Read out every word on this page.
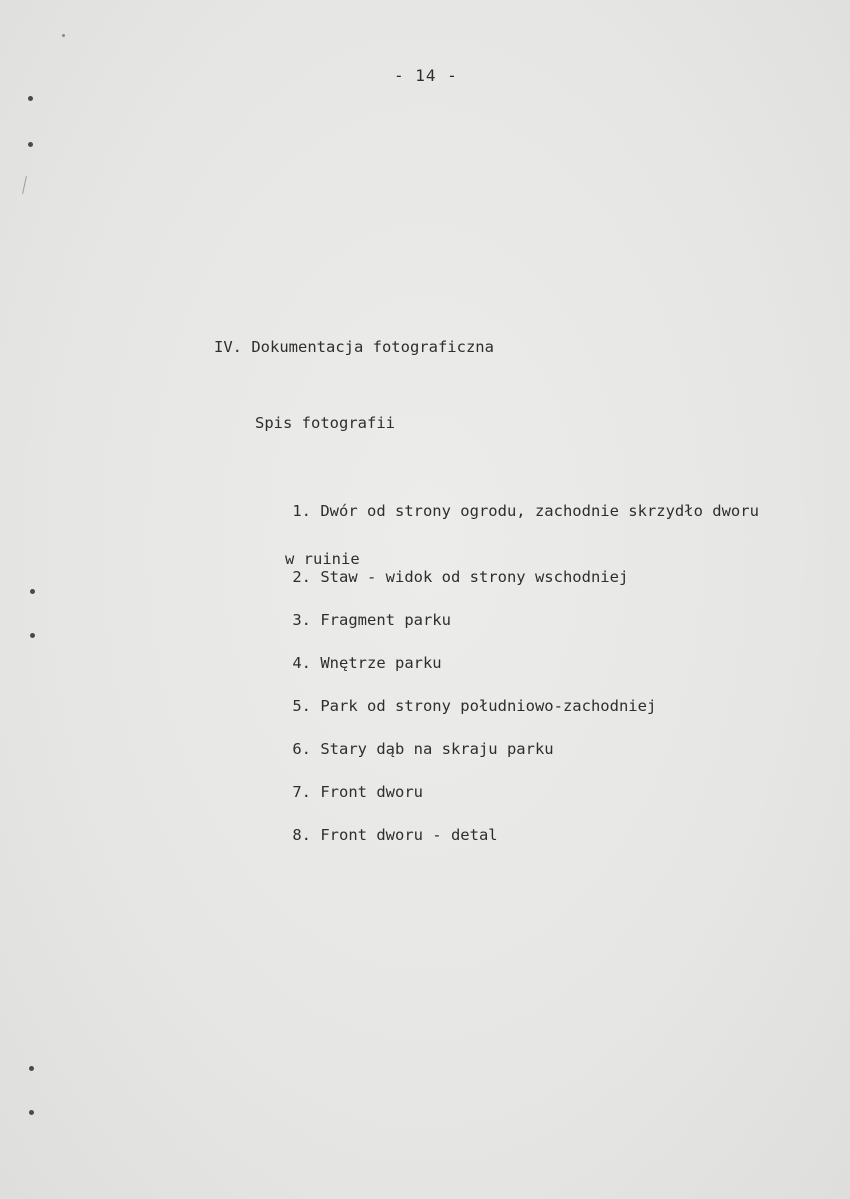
- 14 -
IV. Dokumentacja fotograficzna
Spis fotografii

1. Dwór od strony ogrodu, zachodnie skrzydło dworu

w ruinie

2. Staw - widok od strony wschodniej

3. Fragment parku

4. Wnętrze parku

5. Park od strony południowo-zachodniej

6. Stary dąb na skraju parku

7. Front dworu

8. Front dworu - detal
